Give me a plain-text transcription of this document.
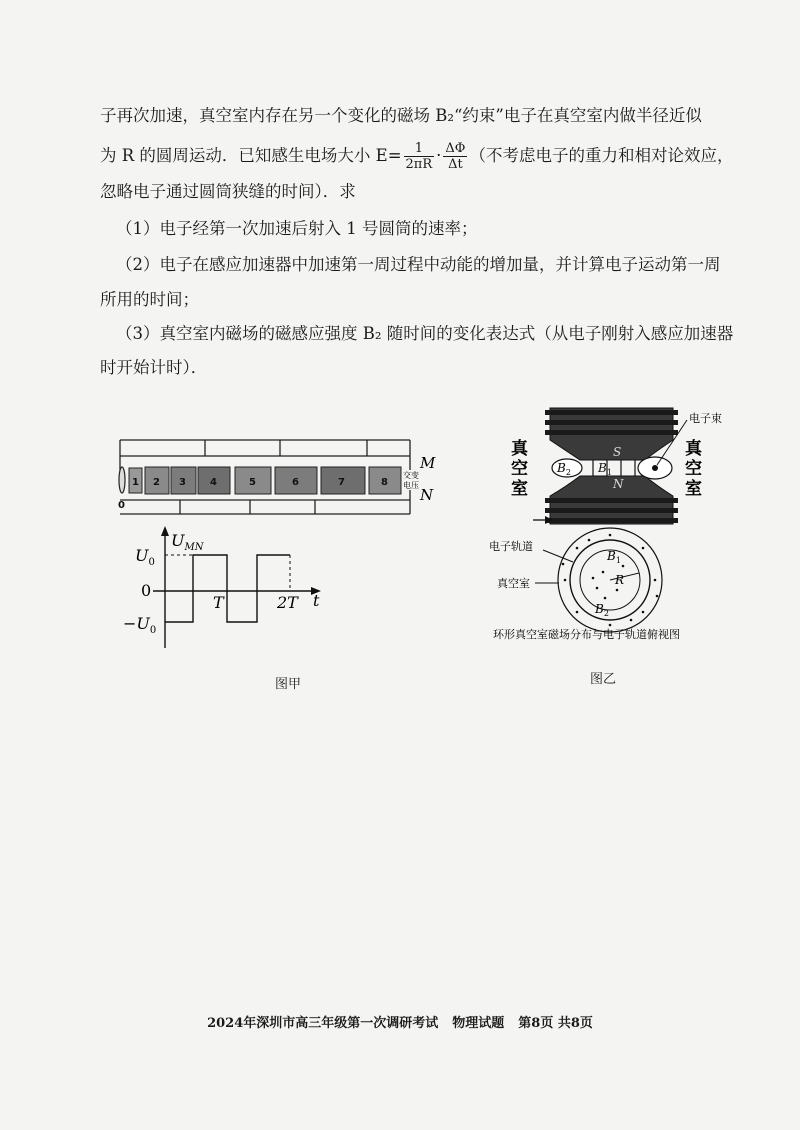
子再次加速，真空室内存在另一个变化的磁场 B₂“约束”电子在真空室内做半径近似
为 R 的圆周运动．已知感生电场大小 $E= \frac{1}{2\pi R} \cdot \frac{\Delta\Phi}{\Delta t}$ （不考虑电子的重力和相对论效应，
忽略电子通过圆筒狭缝的时间）．求
（1）电子经第一次加速后射入 1 号圆筒的速率；
（2）电子在感应加速器中加速第一周过程中动能的增加量，并计算电子运动第一周
所用的时间；
（3）真空室内磁场的磁感应强度 B₂ 随时间的变化表达式（从电子刚射入感应加速器
时开始计时）．
0
1 2 3 4	5	6	7	8
交变
电压
M
N
$U_{MN}$
$U_0$
0
$-U_0$
T	2T t
图甲
S
N
$B_2$ $B_1$
电子束
真
空
室
真
空
室
$B_1$
R
$B_2$
电子轨道
真空室
环形真空室磁场分布与电子轨道俯视图
图乙
2024年深圳市高三年级第一次调研考试 物理试题 第8页 共8页
